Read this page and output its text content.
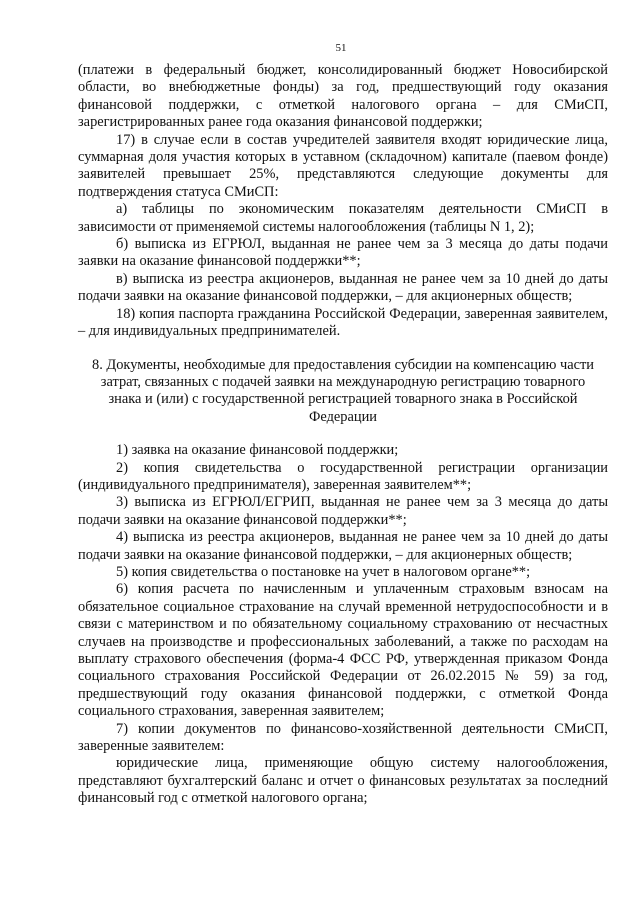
51

(платежи в федеральный бюджет, консолидированный бюджет Новосибирской области, во внебюджетные фонды) за год, предшествующий году оказания финансовой поддержки, с отметкой налогового органа – для СМиСП, зарегистрированных ранее года оказания финансовой поддержки;

17) в случае если в состав учредителей заявителя входят юридические лица, суммарная доля участия которых в уставном (складочном) капитале (паевом фонде) заявителей превышает 25%, представляются следующие документы для подтверждения статуса СМиСП:

а) таблицы по экономическим показателям деятельности СМиСП в зависимости от применяемой системы налогообложения (таблицы N 1, 2);

б) выписка из ЕГРЮЛ, выданная не ранее чем за 3 месяца до даты подачи заявки на оказание финансовой поддержки**;

в) выписка из реестра акционеров, выданная не ранее чем за 10 дней до даты подачи заявки на оказание финансовой поддержки, – для акционерных обществ;

18) копия паспорта гражданина Российской Федерации, заверенная заявителем, – для индивидуальных предпринимателей.

8. Документы, необходимые для предоставления субсидии на компенсацию части затрат, связанных с подачей заявки на международную регистрацию товарного знака и (или) с государственной регистрацией товарного знака в Российской Федерации

1) заявка на оказание финансовой поддержки;

2) копия свидетельства о государственной регистрации организации (индивидуального предпринимателя), заверенная заявителем**;

3) выписка из ЕГРЮЛ/ЕГРИП, выданная не ранее чем за 3 месяца до даты подачи заявки на оказание финансовой поддержки**;

4) выписка из реестра акционеров, выданная не ранее чем за 10 дней до даты подачи заявки на оказание финансовой поддержки, – для акционерных обществ;

5) копия свидетельства о постановке на учет в налоговом органе**;

6) копия расчета по начисленным и уплаченным страховым взносам на обязательное социальное страхование на случай временной нетрудоспособности и в связи с материнством и по обязательному социальному страхованию от несчастных случаев на производстве и профессиональных заболеваний, а также по расходам на выплату страхового обеспечения (форма-4 ФСС РФ, утвержденная приказом Фонда социального страхования Российской Федерации от 26.02.2015 № 59) за год, предшествующий году оказания финансовой поддержки, с отметкой Фонда социального страхования, заверенная заявителем;

7) копии документов по финансово-хозяйственной деятельности СМиСП, заверенные заявителем:

юридические лица, применяющие общую систему налогообложения, представляют бухгалтерский баланс и отчет о финансовых результатах за последний финансовый год с отметкой налогового органа;
